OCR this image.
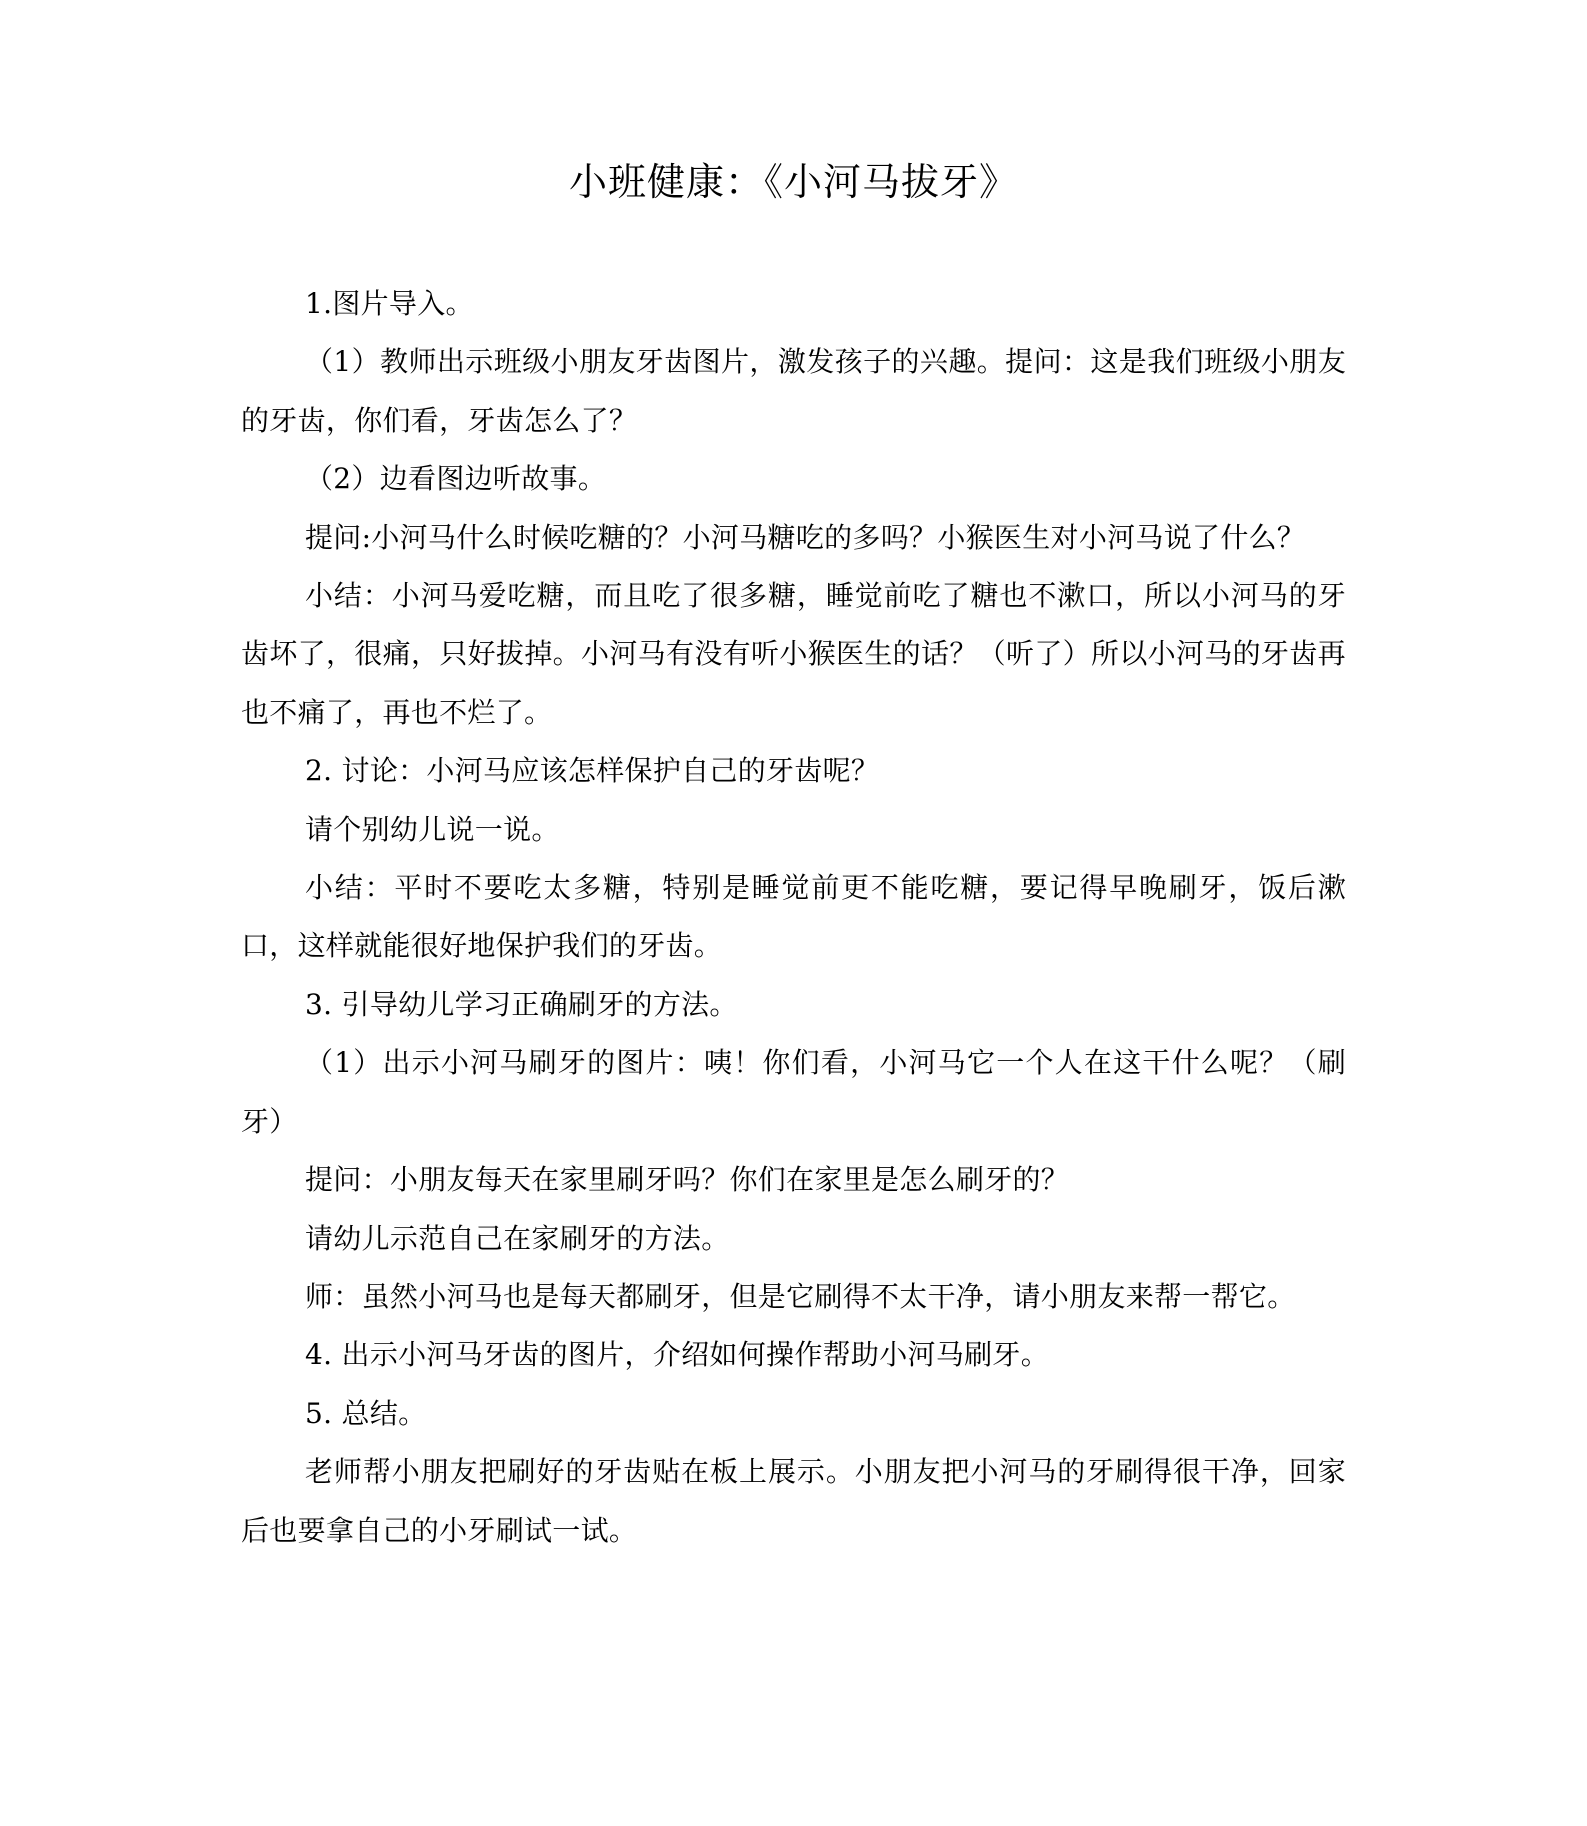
小班健康：《小河马拔牙》

1.图片导入。

（1）教师出示班级小朋友牙齿图片，激发孩子的兴趣。提问：这是我们班级小朋友的牙齿，你们看，牙齿怎么了？

（2）边看图边听故事。

提问:小河马什么时候吃糖的？小河马糖吃的多吗？小猴医生对小河马说了什么？

小结：小河马爱吃糖，而且吃了很多糖，睡觉前吃了糖也不漱口，所以小河马的牙齿坏了，很痛，只好拔掉。小河马有没有听小猴医生的话？（听了）所以小河马的牙齿再也不痛了，再也不烂了。

2. 讨论：小河马应该怎样保护自己的牙齿呢？

请个别幼儿说一说。

小结：平时不要吃太多糖，特别是睡觉前更不能吃糖，要记得早晚刷牙，饭后漱口，这样就能很好地保护我们的牙齿。

3. 引导幼儿学习正确刷牙的方法。

（1）出示小河马刷牙的图片：咦！你们看，小河马它一个人在这干什么呢？（刷牙）

提问：小朋友每天在家里刷牙吗？你们在家里是怎么刷牙的？

请幼儿示范自己在家刷牙的方法。

师：虽然小河马也是每天都刷牙，但是它刷得不太干净，请小朋友来帮一帮它。

4. 出示小河马牙齿的图片，介绍如何操作帮助小河马刷牙。

5. 总结。

老师帮小朋友把刷好的牙齿贴在板上展示。小朋友把小河马的牙刷得很干净，回家后也要拿自己的小牙刷试一试。
